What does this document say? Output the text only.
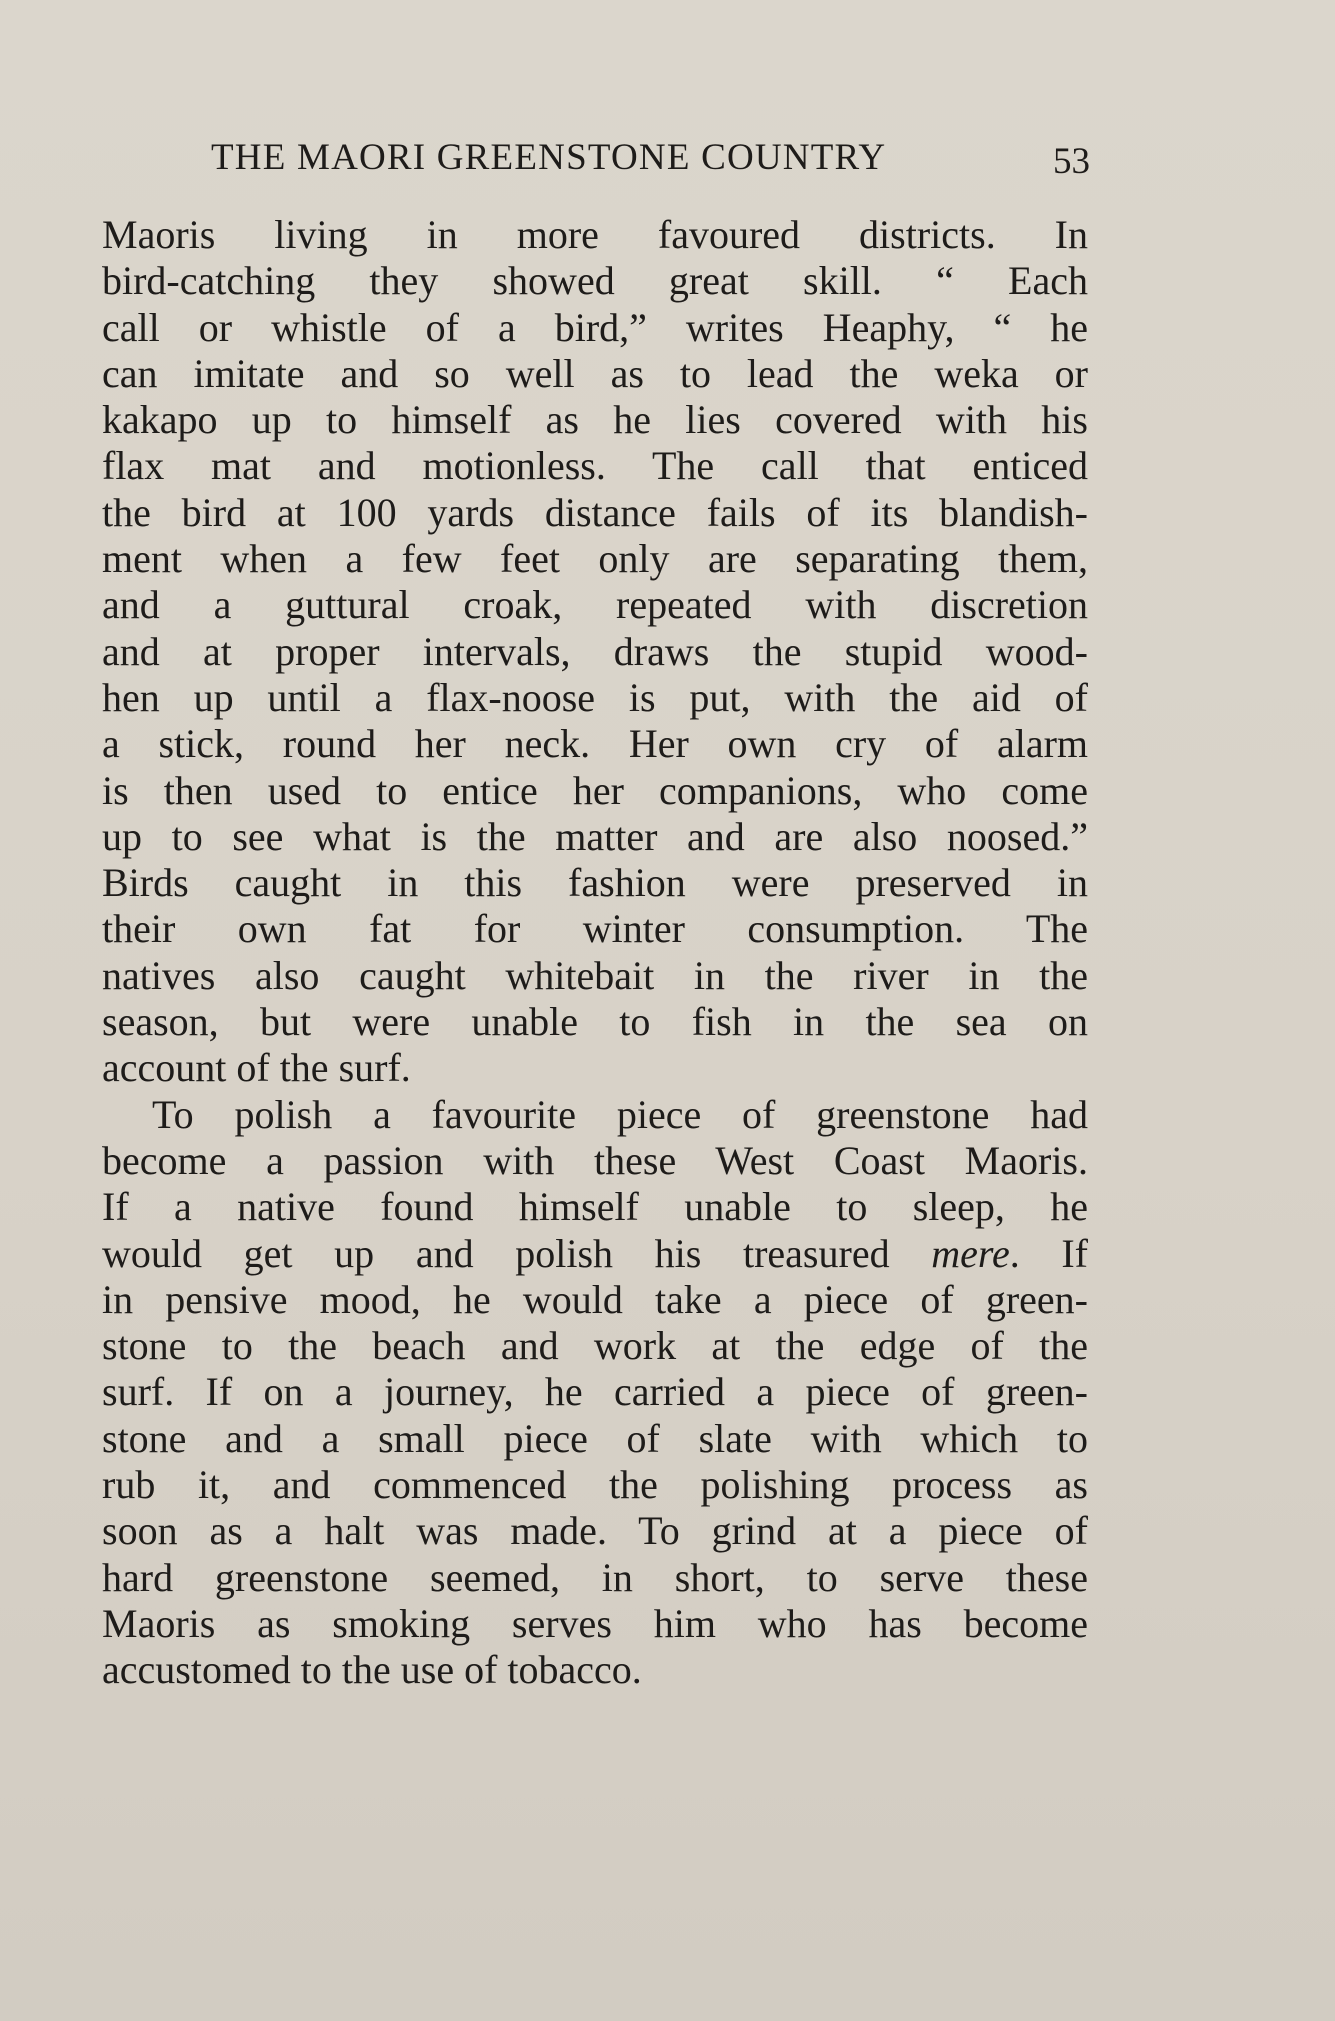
THE MAORI GREENSTONE COUNTRY	53
Maoris living in more favoured districts. In
bird-catching they showed great skill. “ Each
call or whistle of a bird,” writes Heaphy, “ he
can imitate and so well as to lead the weka or
kakapo up to himself as he lies covered with his
flax mat and motionless. The call that enticed
the bird at 100 yards distance fails of its blandish-
ment when a few feet only are separating them,
and a guttural croak, repeated with discretion
and at proper intervals, draws the stupid wood-
hen up until a flax-noose is put, with the aid of
a stick, round her neck. Her own cry of alarm
is then used to entice her companions, who come
up to see what is the matter and are also noosed.”
Birds caught in this fashion were preserved in
their own fat for winter consumption. The
natives also caught whitebait in the river in the
season, but were unable to fish in the sea on
account of the surf.
To polish a favourite piece of greenstone had
become a passion with these West Coast Maoris.
If a native found himself unable to sleep, he
would get up and polish his treasured mere. If
in pensive mood, he would take a piece of green-
stone to the beach and work at the edge of the
surf. If on a journey, he carried a piece of green-
stone and a small piece of slate with which to
rub it, and commenced the polishing process as
soon as a halt was made. To grind at a piece of
hard greenstone seemed, in short, to serve these
Maoris as smoking serves him who has become
accustomed to the use of tobacco.
